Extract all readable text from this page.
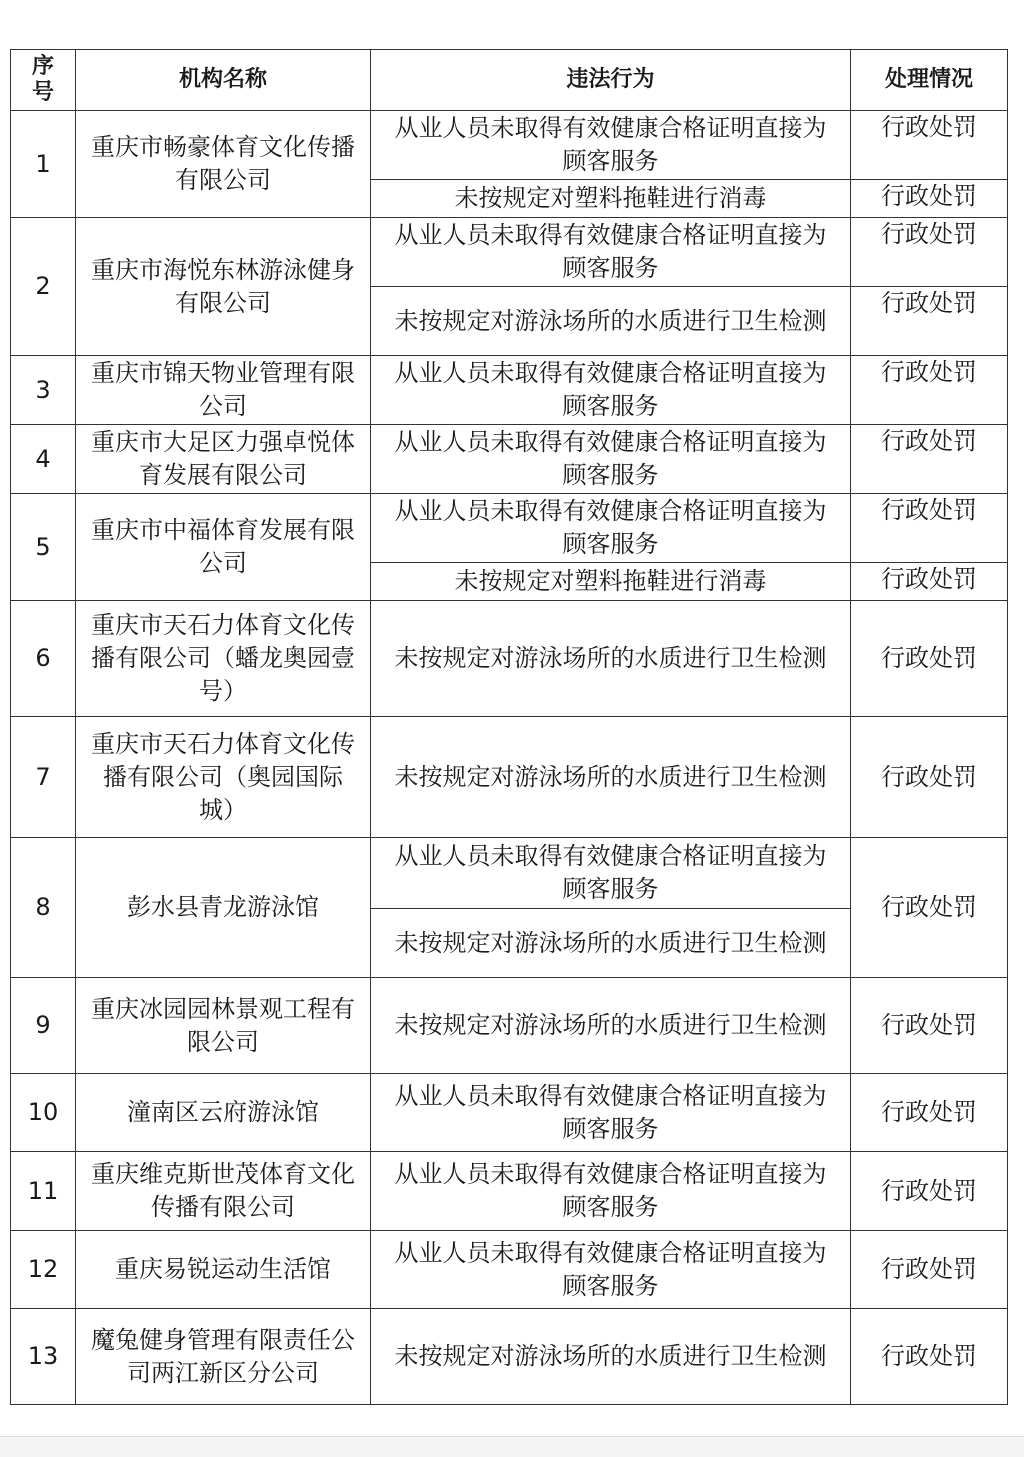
序号	机构名称	违法行为	处理情况
1	重庆市畅豪体育文化传播有限公司	从业人员未取得有效健康合格证明直接为顾客服务	行政处罚
		未按规定对塑料拖鞋进行消毒	行政处罚
2	重庆市海悦东林游泳健身有限公司	从业人员未取得有效健康合格证明直接为顾客服务	行政处罚
		未按规定对游泳场所的水质进行卫生检测	行政处罚
3	重庆市锦天物业管理有限公司	从业人员未取得有效健康合格证明直接为顾客服务	行政处罚
4	重庆市大足区力强卓悦体育发展有限公司	从业人员未取得有效健康合格证明直接为顾客服务	行政处罚
5	重庆市中福体育发展有限公司	从业人员未取得有效健康合格证明直接为顾客服务	行政处罚
		未按规定对塑料拖鞋进行消毒	行政处罚
6	重庆市天石力体育文化传播有限公司（蟠龙奥园壹号）	未按规定对游泳场所的水质进行卫生检测	行政处罚
7	重庆市天石力体育文化传播有限公司（奥园国际城）	未按规定对游泳场所的水质进行卫生检测	行政处罚
8	彭水县青龙游泳馆	从业人员未取得有效健康合格证明直接为顾客服务	行政处罚
		未按规定对游泳场所的水质进行卫生检测	
9	重庆冰园园林景观工程有限公司	未按规定对游泳场所的水质进行卫生检测	行政处罚
10	潼南区云府游泳馆	从业人员未取得有效健康合格证明直接为顾客服务	行政处罚
11	重庆维克斯世茂体育文化传播有限公司	从业人员未取得有效健康合格证明直接为顾客服务	行政处罚
12	重庆易锐运动生活馆	从业人员未取得有效健康合格证明直接为顾客服务	行政处罚
13	魔兔健身管理有限责任公司两江新区分公司	未按规定对游泳场所的水质进行卫生检测	行政处罚
